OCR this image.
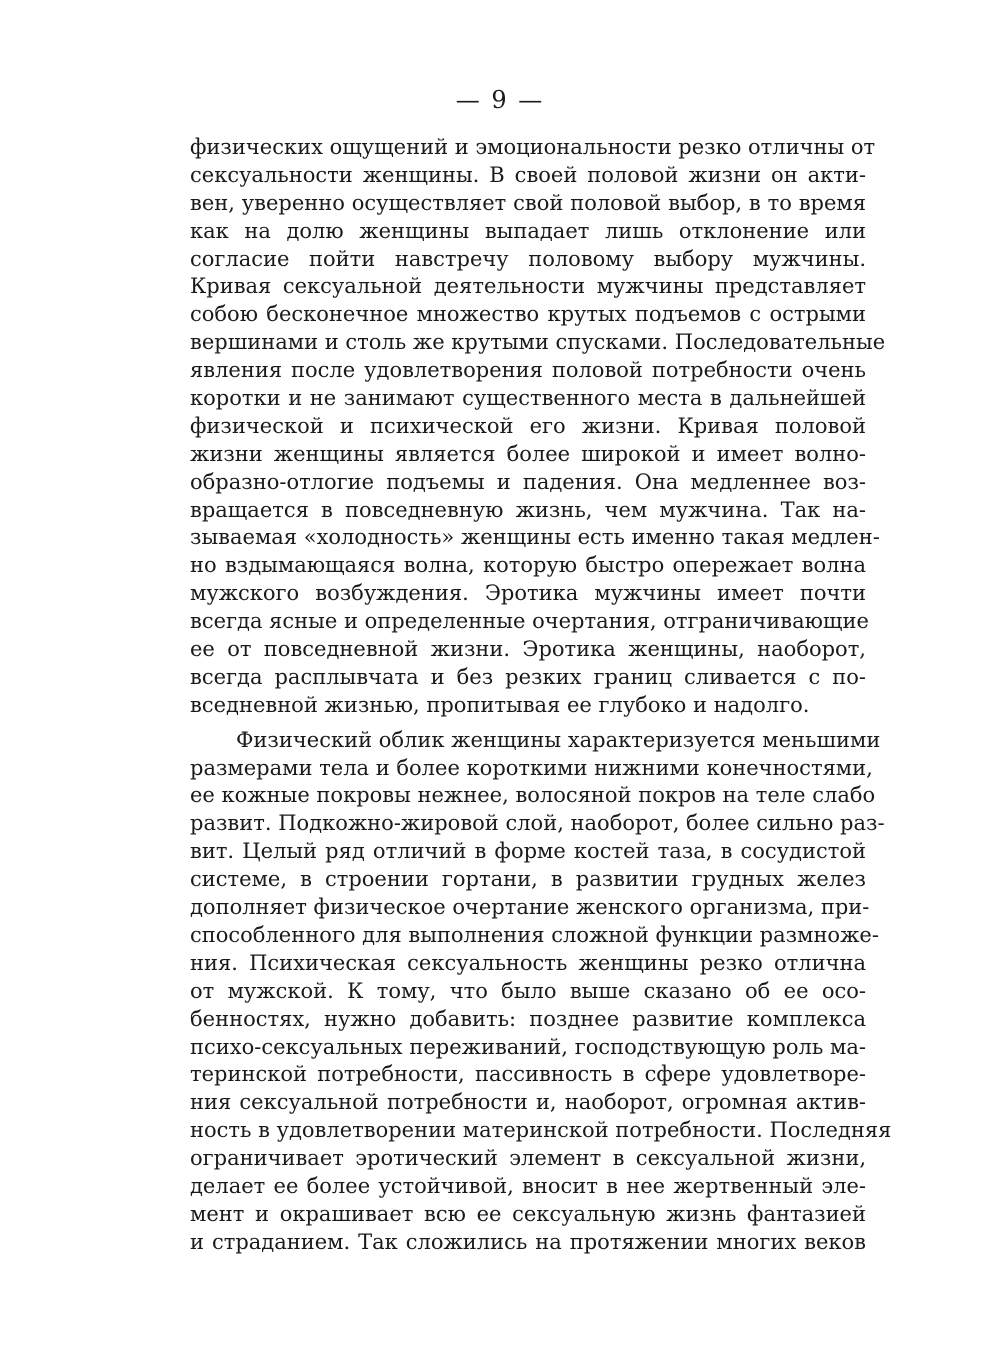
— 9 —

физических ощущений и эмоциональности резко отличны от
сексуальности женщины. В своей половой жизни он акти-
вен, уверенно осуществляет свой половой выбор, в то время
как на долю женщины выпадает лишь отклонение или
согласие пойти навстречу половому выбору мужчины.
Кривая сексуальной деятельности мужчины представляет
собою бесконечное множество крутых подъемов с острыми
вершинами и столь же крутыми спусками. Последовательные
явления после удовлетворения половой потребности очень
коротки и не занимают существенного места в дальнейшей
физической и психической его жизни. Кривая половой
жизни женщины является более широкой и имеет волно-
образно-отлогие подъемы и падения. Она медленнее воз-
вращается в повседневную жизнь, чем мужчина. Так на-
зываемая «холодность» женщины есть именно такая медлен-
но вздымающаяся волна, которую быстро опережает волна
мужского возбуждения. Эротика мужчины имеет почти
всегда ясные и определенные очертания, отграничивающие
ее от повседневной жизни. Эротика женщины, наоборот,
всегда расплывчата и без резких границ сливается с по-
вседневной жизнью, пропитывая ее глубоко и надолго.
Физический облик женщины характеризуется меньшими
размерами тела и более короткими нижними конечностями,
ее кожные покровы нежнее, волосяной покров на теле слабо
развит. Подкожно-жировой слой, наоборот, более сильно раз-
вит. Целый ряд отличий в форме костей таза, в сосудистой
системе, в строении гортани, в развитии грудных желез
дополняет физическое очертание женского организма, при-
способленного для выполнения сложной функции размноже-
ния. Психическая сексуальность женщины резко отлична
от мужской. К тому, что было выше сказано об ее осо-
бенностях, нужно добавить: позднее развитие комплекса
психо-сексуальных переживаний, господствующую роль ма-
теринской потребности, пассивность в сфере удовлетворе-
ния сексуальной потребности и, наоборот, огромная актив-
ность в удовлетворении материнской потребности. Последняя
ограничивает эротический элемент в сексуальной жизни,
делает ее более устойчивой, вносит в нее жертвенный эле-
мент и окрашивает всю ее сексуальную жизнь фантазией
и страданием. Так сложились на протяжении многих веков
